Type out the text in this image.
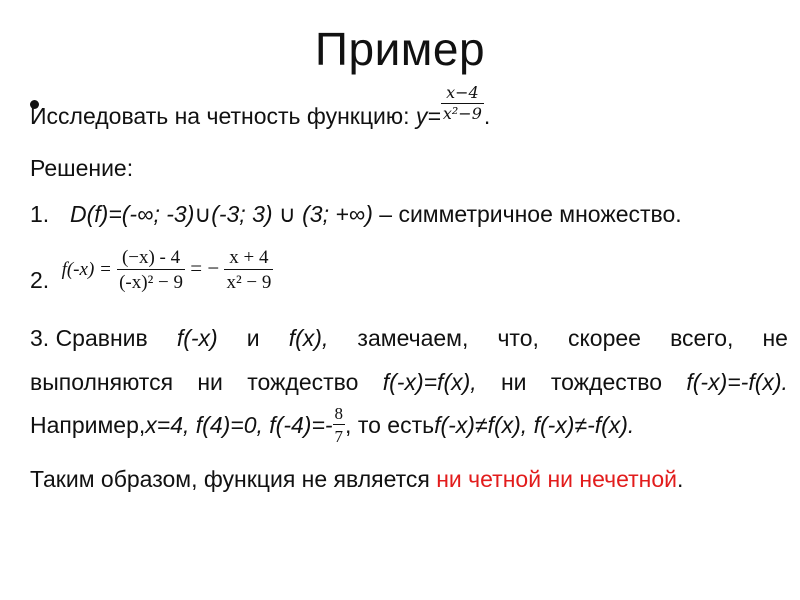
Пример
Исследовать на четность функцию: $y= \frac{x-4}{\text{x²−9}}$ .
Решение:
1. D(f)=(-∞; -3)∪(-3; 3) ∪ (3; +∞) – симметричное множество.
2. $f(-x) = \frac{(-x) - 4}{\text{(-x)² − 9}}$ = − $\frac{x + 4}{\text{x² − 9}}$
3. Сравнив f(-x) и f(x), замечаем, что, скорее всего, не
выполняются ни тождество f(-x)=f(x), ни тождество f(-x)=-f(x).
Например,x=4, f(4)=0, $f(-4)=- \frac{8}{7}$ , то естьf(-x)≠f(x), f(-x)≠-f(x).
Таким образом, функция не является ни четной ни нечетной.
